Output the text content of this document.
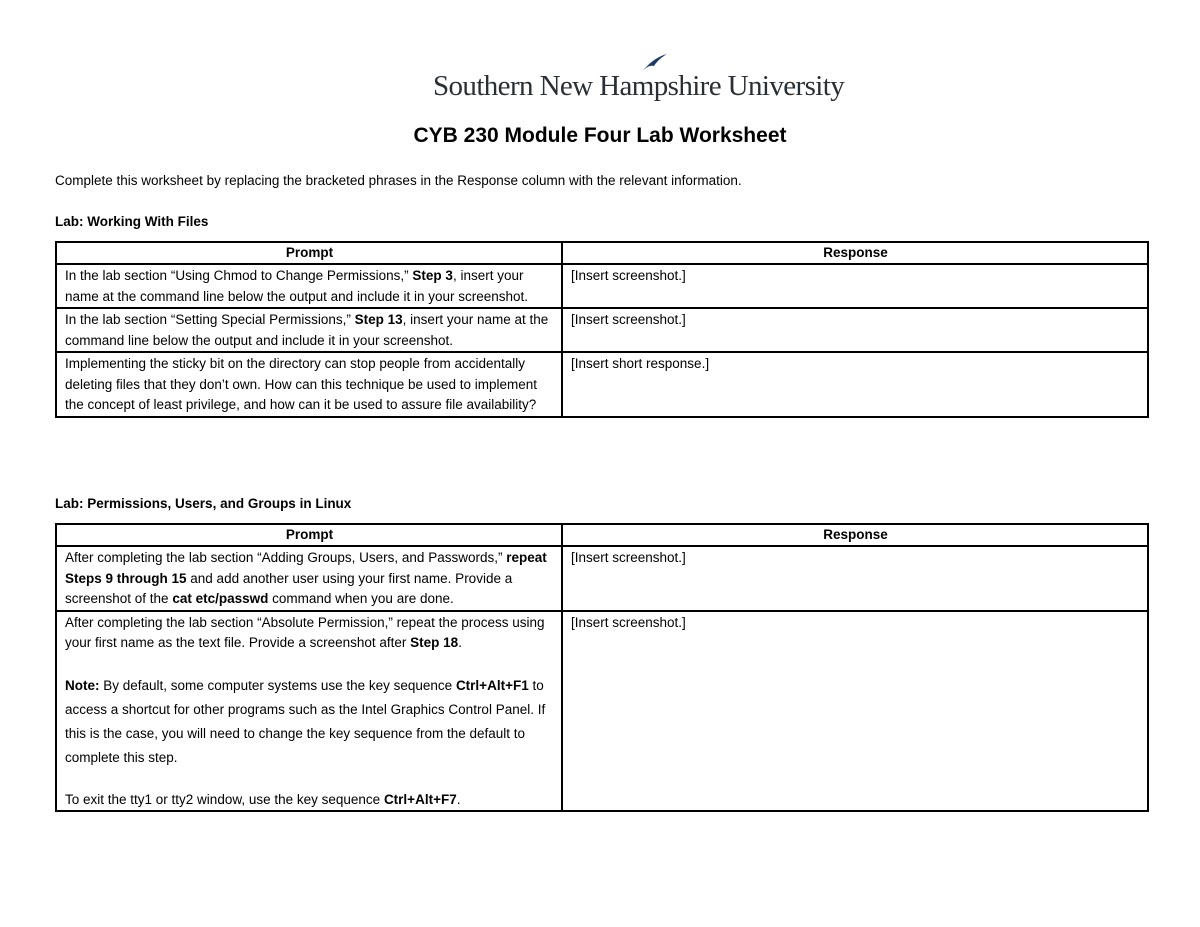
Southern New Hampshire University
CYB 230 Module Four Lab Worksheet

Complete this worksheet by replacing the bracketed phrases in the Response column with the relevant information.

Lab: Working With Files

Prompt	Response
In the lab section “Using Chmod to Change Permissions,” Step 3, insert your name at the command line below the output and include it in your screenshot.	[Insert screenshot.]
In the lab section “Setting Special Permissions,” Step 13, insert your name at the command line below the output and include it in your screenshot.	[Insert screenshot.]
Implementing the sticky bit on the directory can stop people from accidentally deleting files that they don’t own. How can this technique be used to implement the concept of least privilege, and how can it be used to assure file availability?	[Insert short response.]

Lab: Permissions, Users, and Groups in Linux

Prompt	Response
After completing the lab section “Adding Groups, Users, and Passwords,” repeat Steps 9 through 15 and add another user using your first name. Provide a screenshot of the cat etc/passwd command when you are done.	[Insert screenshot.]

After completing the lab section “Absolute Permission,” repeat the process using your first name as the text file. Provide a screenshot after Step 18.
Note: By default, some computer systems use the key sequence Ctrl+Alt+F1 to access a shortcut for other programs such as the Intel Graphics Control Panel. If this is the case, you will need to change the key sequence from the default to complete this step.
To exit the tty1 or tty2 window, use the key sequence Ctrl+Alt+F7.	[Insert screenshot.]
